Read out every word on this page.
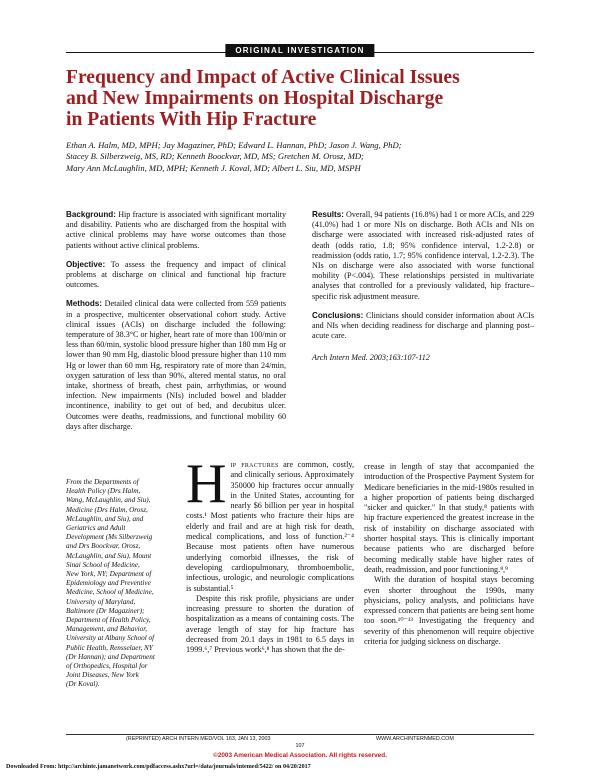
ORIGINAL INVESTIGATION
Frequency and Impact of Active Clinical Issues
and New Impairments on Hospital Discharge
in Patients With Hip Fracture
Ethan A. Halm, MD, MPH; Jay Magaziner, PhD; Edward L. Hannan, PhD; Jason J. Wang, PhD;
Stacey B. Silberzweig, MS, RD; Kenneth Boockvar, MD, MS; Gretchen M. Orosz, MD;
Mary Ann McLaughlin, MD, MPH; Kenneth J. Koval, MD; Albert L. Siu, MD, MSPH

Background: Hip fracture is associated with significant mortality and disability. Patients who are discharged from the hospital with active clinical problems may have worse outcomes than those patients without active clinical problems.

Objective: To assess the frequency and impact of clinical problems at discharge on clinical and functional hip fracture outcomes.

Methods: Detailed clinical data were collected from 559 patients in a prospective, multicenter observational cohort study. Active clinical issues (ACIs) on discharge included the following: temperature of 38.3°C or higher, heart rate of more than 100/min or less than 60/min, systolic blood pressure higher than 180 mm Hg or lower than 90 mm Hg, diastolic blood pressure higher than 110 mm Hg or lower than 60 mm Hg, respiratory rate of more than 24/min, oxygen saturation of less than 90%, altered mental status, no oral intake, shortness of breath, chest pain, arrhythmias, or wound infection. New impairments (NIs) included bowel and bladder incontinence, inability to get out of bed, and decubitus ulcer. Outcomes were deaths, readmissions, and functional mobility 60 days after discharge.

Results: Overall, 94 patients (16.8%) had 1 or more ACIs, and 229 (41.0%) had 1 or more NIs on discharge. Both ACIs and NIs on discharge were associated with increased risk-adjusted rates of death (odds ratio, 1.8; 95% confidence interval, 1.2-2.8) or readmission (odds ratio, 1.7; 95% confidence interval, 1.2-2.3). The NIs on discharge were also associated with worse functional mobility (P<.004). These relationships persisted in multivariate analyses that controlled for a previously validated, hip fracture–specific risk adjustment measure.

Conclusions: Clinicians should consider information about ACIs and NIs when deciding readiness for discharge and planning post–acute care.

Arch Intern Med. 2003;163:107-112
From the Departments of
Health Policy (Drs Halm,
Wang, McLaughlin, and Siu),
Medicine (Drs Halm, Orosz,
McLaughlin, and Siu), and
Geriatrics and Adult
Development (Ms Silberzweig
and Drs Boockvar, Orosz,
McLaughlin, and Siu), Mount
Sinai School of Medicine,
New York, NY; Department of
Epidemiology and Preventive
Medicine, School of Medicine,
University of Maryland,
Baltimore (Dr Magaziner);
Department of Health Policy,
Management, and Behavior,
University at Albany School of
Public Health, Rensselaer, NY
(Dr Hannan); and Department
of Orthopedics, Hospital for
Joint Diseases, New York
(Dr Koval).

Hip fractures are common, costly, and clinically serious. Approximately 350000 hip fractures occur annually in the United States, accounting for nearly $6 billion per year in hospital costs.¹ Most patients who fracture their hips are elderly and frail and are at high risk for death, medical complications, and loss of function.²⁻⁴ Because most patients often have numerous underlying comorbid illnesses, the risk of developing cardiopulmonary, thromboembolic, infectious, urologic, and neurologic complications is substantial.⁵

Despite this risk profile, physicians are under increasing pressure to shorten the duration of hospitalization as a means of containing costs. The average length of stay for hip fracture has decreased from 20.1 days in 1981 to 6.5 days in 1999.⁶,⁷ Previous work⁶,⁸ has shown that the de-

crease in length of stay that accompanied the introduction of the Prospective Payment System for Medicare beneficiaries in the mid-1980s resulted in a higher proportion of patients being discharged "sicker and quicker." In that study,⁸ patients with hip fracture experienced the greatest increase in the risk of instability on discharge associated with shorter hospital stays. This is clinically important because patients who are discharged before becoming medically stable have higher rates of death, readmission, and poor functioning.⁸,⁹

With the duration of hospital stays becoming even shorter throughout the 1990s, many physicians, policy analysts, and politicians have expressed concern that patients are being sent home too soon.¹⁰⁻¹³ Investigating the frequency and severity of this phenomenon will require objective criteria for judging sickness on discharge.

(REPRINTED) ARCH INTERN MED/VOL 163, JAN 13, 2003	WWW.ARCHINTERNMED.COM
107
©2003 American Medical Association. All rights reserved.
Downloaded From: http://archinte.jamanetwork.com/pdfaccess.ashx?url=/data/journals/intemed/5422/ on 04/20/2017
